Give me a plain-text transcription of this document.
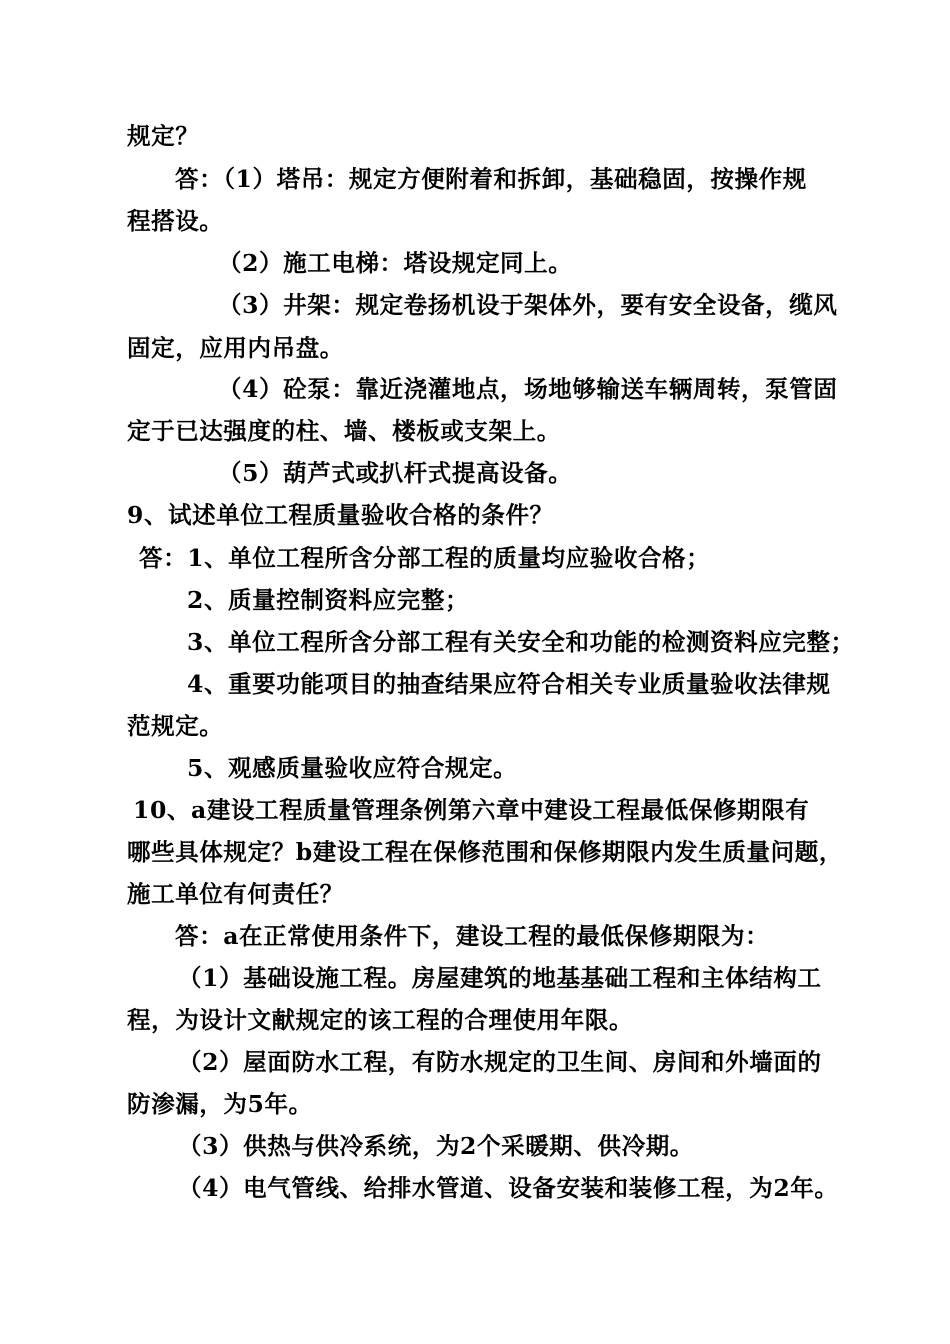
规定？
答：（1）塔吊：规定方便附着和拆卸，基础稳固，按操作规
程搭设。
（2）施工电梯：塔设规定同上。
（3）井架：规定卷扬机设于架体外，要有安全设备，缆风
固定，应用内吊盘。
（4）砼泵：靠近浇灌地点，场地够输送车辆周转，泵管固
定于已达强度的柱、墙、楼板或支架上。
（5）葫芦式或扒杆式提高设备。
9、试述单位工程质量验收合格的条件？
答：1、单位工程所含分部工程的质量均应验收合格；
2、质量控制资料应完整；
3、单位工程所含分部工程有关安全和功能的检测资料应完整；
4、重要功能项目的抽查结果应符合相关专业质量验收法律规
范规定。
5、观感质量验收应符合规定。
10、a建设工程质量管理条例第六章中建设工程最低保修期限有
哪些具体规定？b建设工程在保修范围和保修期限内发生质量问题，
施工单位有何责任？
答：a在正常使用条件下，建设工程的最低保修期限为：
（1）基础设施工程。房屋建筑的地基基础工程和主体结构工
程，为设计文献规定的该工程的合理使用年限。
（2）屋面防水工程，有防水规定的卫生间、房间和外墙面的
防渗漏，为5年。
（3）供热与供冷系统，为2个采暖期、供冷期。
（4）电气管线、给排水管道、设备安装和装修工程，为2年。
